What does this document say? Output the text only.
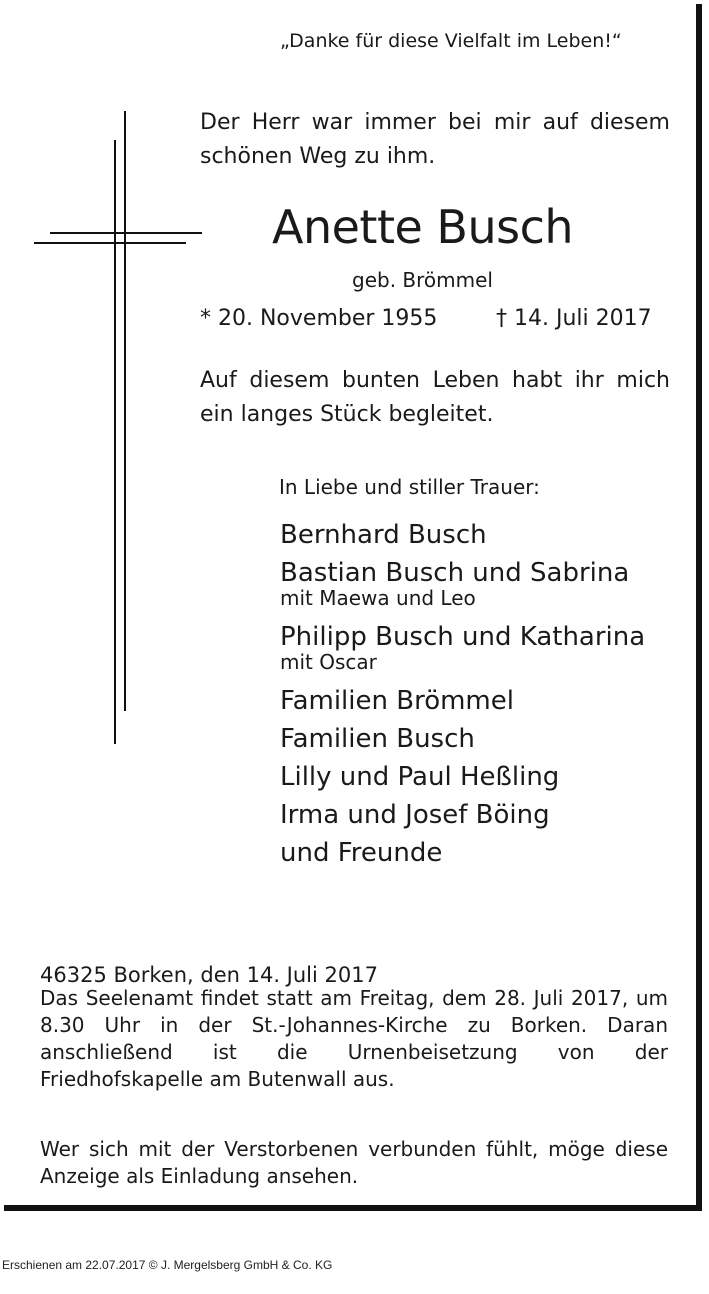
„Danke für diese Vielfalt im Leben!“
Der Herr war immer bei mir auf diesem schönen Weg zu ihm.
Anette Busch
geb. Brömmel
* 20. November 1955	† 14. Juli 2017
Auf diesem bunten Leben habt ihr mich ein langes Stück begleitet.
In Liebe und stiller Trauer:
Bernhard Busch
Bastian Busch und Sabrina
mit Maewa und Leo
Philipp Busch und Katharina
mit Oscar
Familien Brömmel
Familien Busch
Lilly und Paul Heßling
Irma und Josef Böing
und Freunde
46325 Borken, den 14. Juli 2017
Das Seelenamt findet statt am Freitag, dem 28. Juli 2017, um 8.30 Uhr in der St.-Johannes-Kirche zu Borken. Daran anschließend ist die Urnenbeisetzung von der Friedhofskapelle am Butenwall aus.
Wer sich mit der Verstorbenen verbunden fühlt, möge diese Anzeige als Einladung ansehen.
Erschienen am 22.07.2017 © J. Mergelsberg GmbH & Co. KG
